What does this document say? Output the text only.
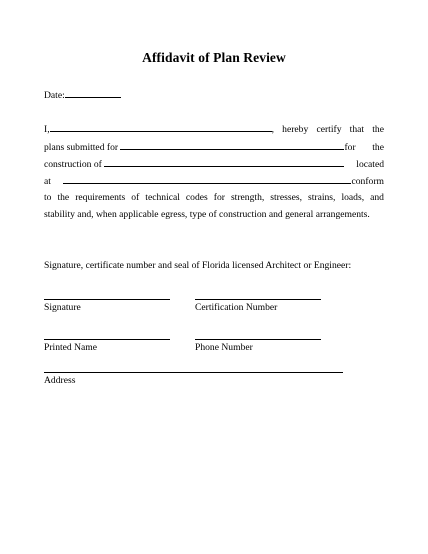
Affidavit of Plan Review
Date:
I,	, hereby certify that the
plans submitted for	for the
construction of	located
at	conform
to the requirements of technical codes for strength, stresses, strains, loads, and
stability and, when applicable egress, type of construction and general arrangements.
Signature, certificate number and seal of Florida licensed Architect or Engineer:
Signature	Certification Number
Printed Name	Phone Number
Address
